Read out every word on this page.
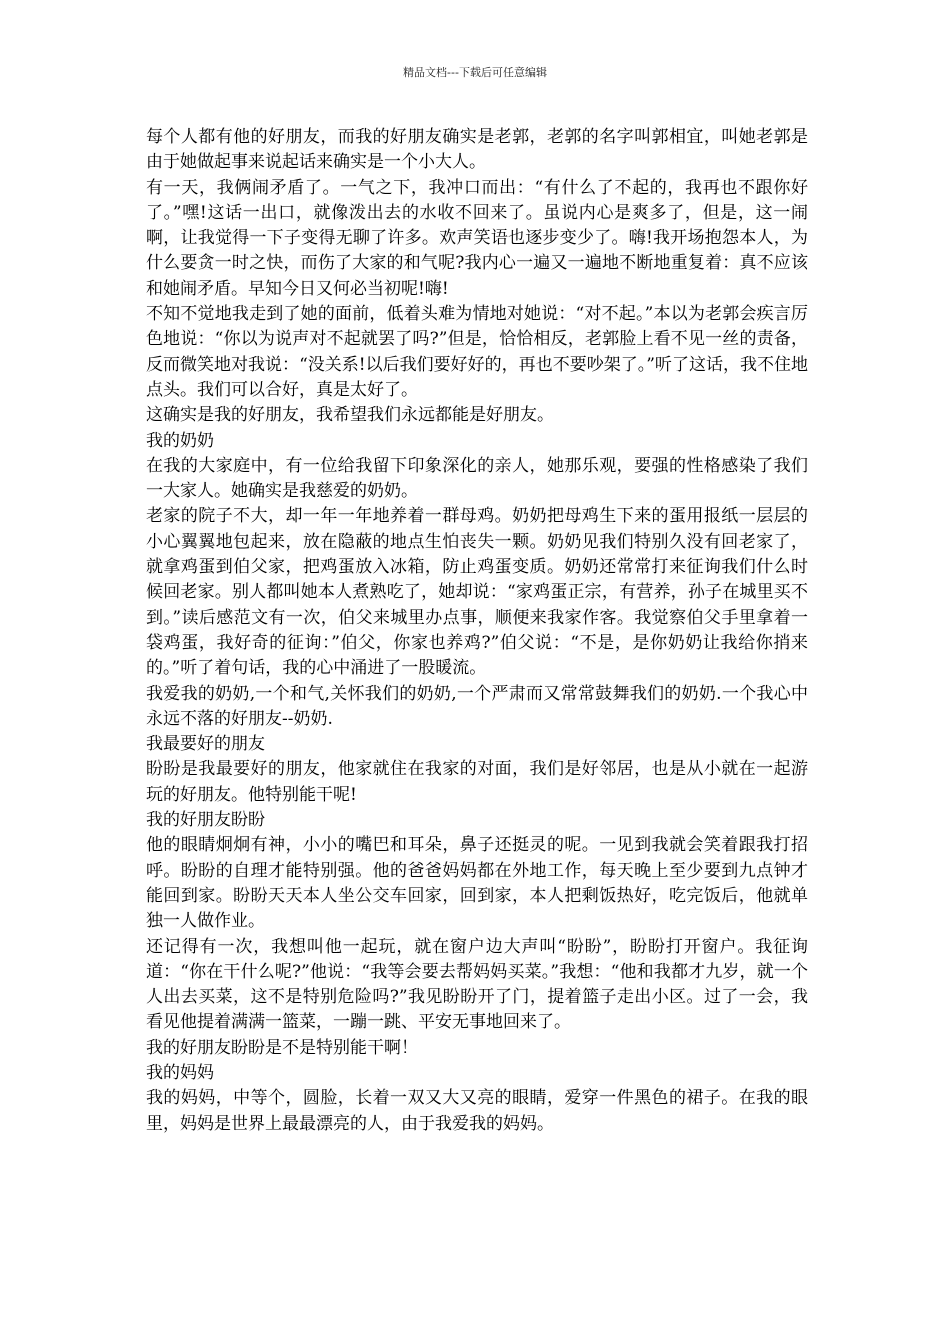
精品文档---下载后可任意编辑

每个人都有他的好朋友，而我的好朋友确实是老郭，老郭的名字叫郭相宜，叫她老郭是由于她做起事来说起话来确实是一个小大人。

有一天，我俩闹矛盾了。一气之下，我冲口而出：“有什么了不起的，我再也不跟你好了。”嘿!这话一出口，就像泼出去的水收不回来了。虽说内心是爽多了，但是，这一闹啊，让我觉得一下子变得无聊了许多。欢声笑语也逐步变少了。嗨!我开场抱怨本人，为什么要贪一时之快，而伤了大家的和气呢?我内心一遍又一遍地不断地重复着：真不应该和她闹矛盾。早知今日又何必当初呢!嗨!

不知不觉地我走到了她的面前，低着头难为情地对她说：“对不起。”本以为老郭会疾言厉色地说：“你以为说声对不起就罢了吗?”但是，恰恰相反，老郭脸上看不见一丝的责备，反而微笑地对我说：“没关系!以后我们要好好的，再也不要吵架了。”听了这话，我不住地点头。我们可以合好，真是太好了。

这确实是我的好朋友，我希望我们永远都能是好朋友。

我的奶奶

在我的大家庭中，有一位给我留下印象深化的亲人，她那乐观，要强的性格感染了我们一大家人。她确实是我慈爱的奶奶。

老家的院子不大，却一年一年地养着一群母鸡。奶奶把母鸡生下来的蛋用报纸一层层的小心翼翼地包起来，放在隐蔽的地点生怕丧失一颗。奶奶见我们特别久没有回老家了，就拿鸡蛋到伯父家，把鸡蛋放入冰箱，防止鸡蛋变质。奶奶还常常打来征询我们什么时候回老家。别人都叫她本人煮熟吃了，她却说：“家鸡蛋正宗，有营养，孙子在城里买不到。”读后感范文有一次，伯父来城里办点事，顺便来我家作客。我觉察伯父手里拿着一袋鸡蛋，我好奇的征询：”伯父，你家也养鸡?”伯父说：“不是，是你奶奶让我给你捎来的。”听了着句话，我的心中涌进了一股暖流。

我爱我的奶奶,一个和气,关怀我们的奶奶,一个严肃而又常常鼓舞我们的奶奶.一个我心中永远不落的好朋友--奶奶.

我最要好的朋友

盼盼是我最要好的朋友，他家就住在我家的对面，我们是好邻居，也是从小就在一起游玩的好朋友。他特别能干呢!

我的好朋友盼盼

他的眼睛炯炯有神，小小的嘴巴和耳朵，鼻子还挺灵的呢。一见到我就会笑着跟我打招呼。盼盼的自理才能特别强。他的爸爸妈妈都在外地工作，每天晚上至少要到九点钟才能回到家。盼盼天天本人坐公交车回家，回到家，本人把剩饭热好，吃完饭后，他就单独一人做作业。

还记得有一次，我想叫他一起玩，就在窗户边大声叫“盼盼”，盼盼打开窗户。我征询道：“你在干什么呢?”他说：“我等会要去帮妈妈买菜。”我想：“他和我都才九岁，就一个人出去买菜，这不是特别危险吗?”我见盼盼开了门，提着篮子走出小区。过了一会，我看见他提着满满一篮菜，一蹦一跳、平安无事地回来了。

我的好朋友盼盼是不是特别能干啊！

我的妈妈

我的妈妈，中等个，圆脸，长着一双又大又亮的眼睛，爱穿一件黑色的裙子。在我的眼里，妈妈是世界上最最漂亮的人，由于我爱我的妈妈。
